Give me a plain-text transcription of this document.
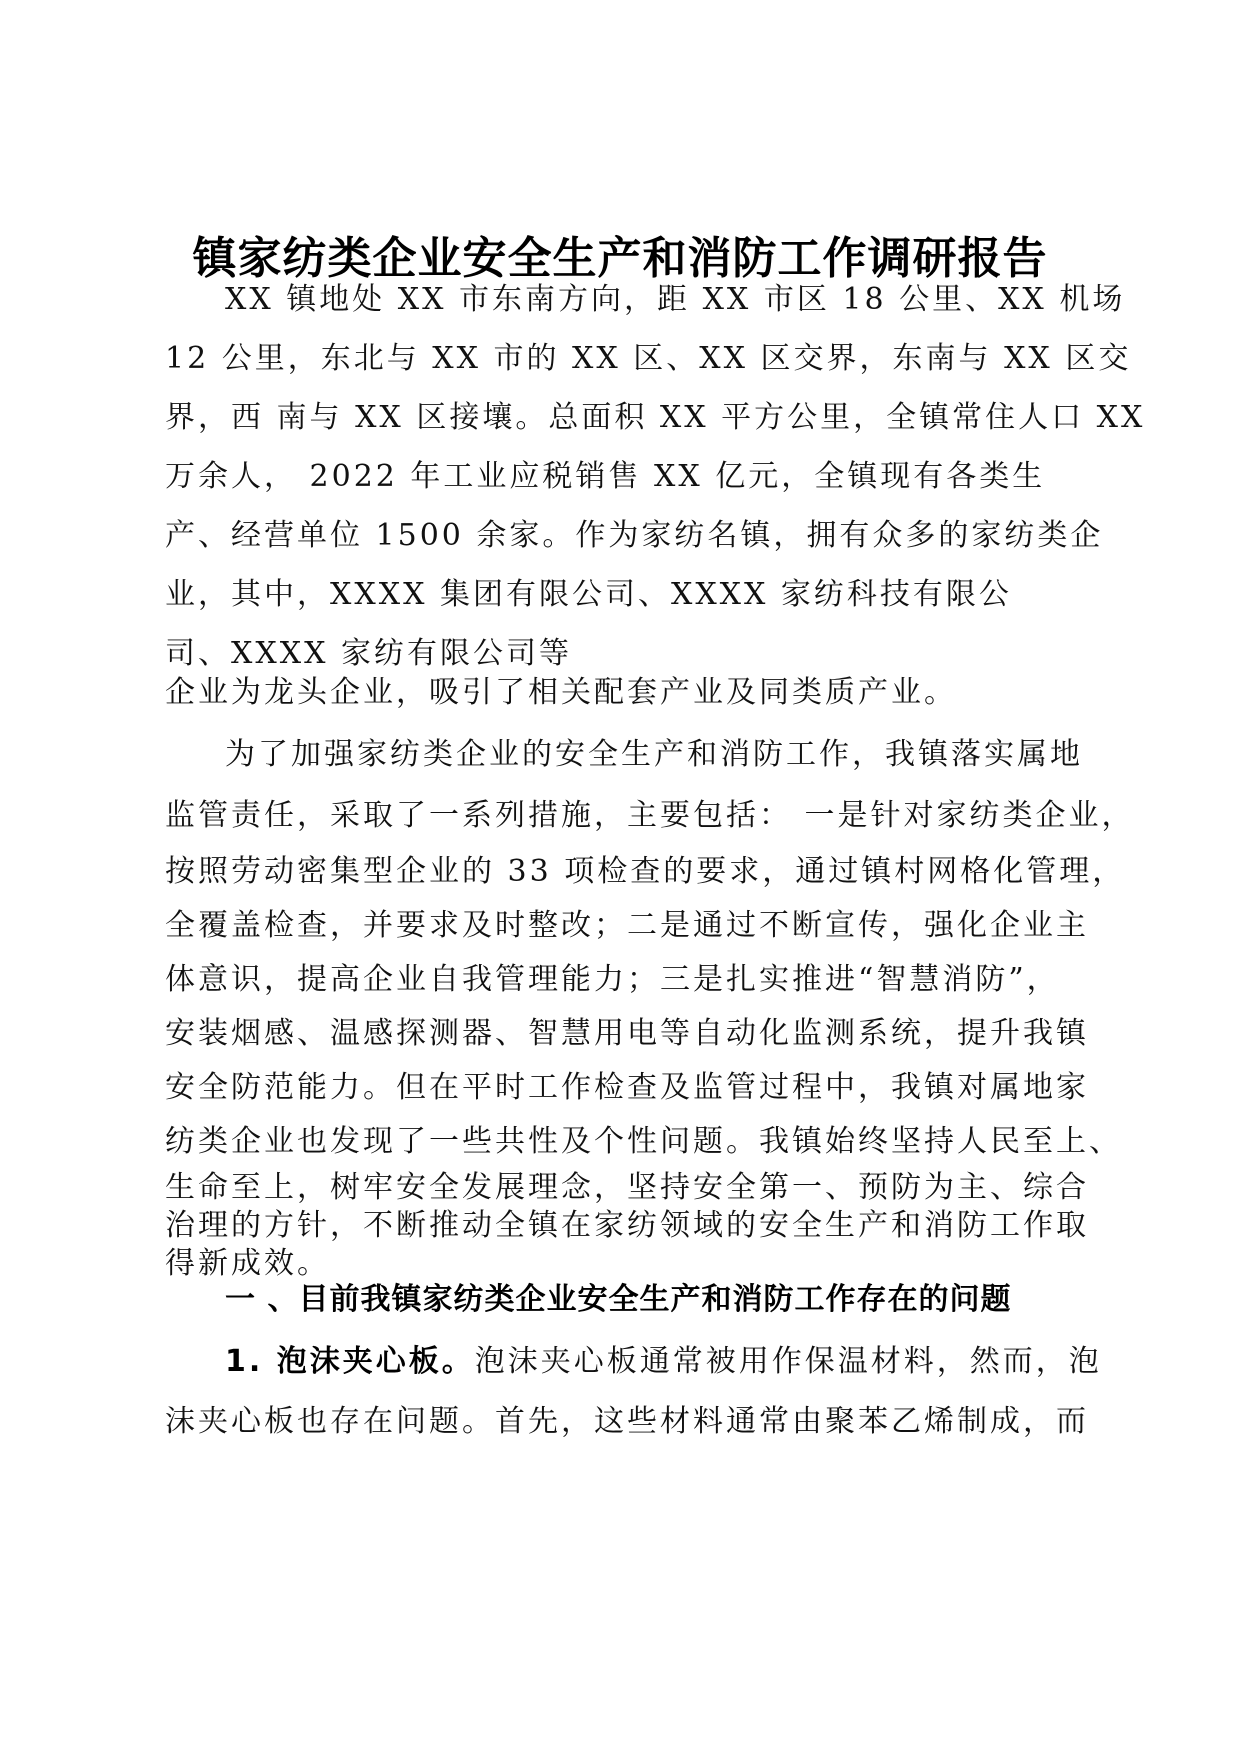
镇家纺类企业安全生产和消防工作调研报告
XX 镇地处 XX 市东南方向，距 XX 市区 18 公里、XX 机场
12 公里，东北与 XX 市的 XX 区、XX 区交界，东南与 XX 区交
界，西 南与 XX 区接壤。总面积 XX 平方公里，全镇常住人口 XX
万余人， 2022 年工业应税销售 XX 亿元，全镇现有各类生
产、经营单位 1500 余家。作为家纺名镇，拥有众多的家纺类企
业，其中，XXXX 集团有限公司、XXXX 家纺科技有限公
司、XXXX 家纺有限公司等
企业为龙头企业，吸引了相关配套产业及同类质产业。
为了加强家纺类企业的安全生产和消防工作，我镇落实属地
监管责任，采取了一系列措施，主要包括： 一是针对家纺类企业，
按照劳动密集型企业的 33 项检查的要求，通过镇村网格化管理，
全覆盖检查，并要求及时整改；二是通过不断宣传，强化企业主
体意识，提高企业自我管理能力；三是扎实推进“智慧消防”，
安装烟感、温感探测器、智慧用电等自动化监测系统，提升我镇
安全防范能力。但在平时工作检查及监管过程中，我镇对属地家
纺类企业也发现了一些共性及个性问题。我镇始终坚持人民至上、
生命至上，树牢安全发展理念，坚持安全第一、预防为主、综合
治理的方针，不断推动全镇在家纺领域的安全生产和消防工作取
一 、目前我镇家纺类企业安全生产和消防工作存在的问题
1. 泡沫夹心板。泡沫夹心板通常被用作保温材料，然而，泡
沫夹心板也存在问题。首先，这些材料通常由聚苯乙烯制成，而
得新成效。
